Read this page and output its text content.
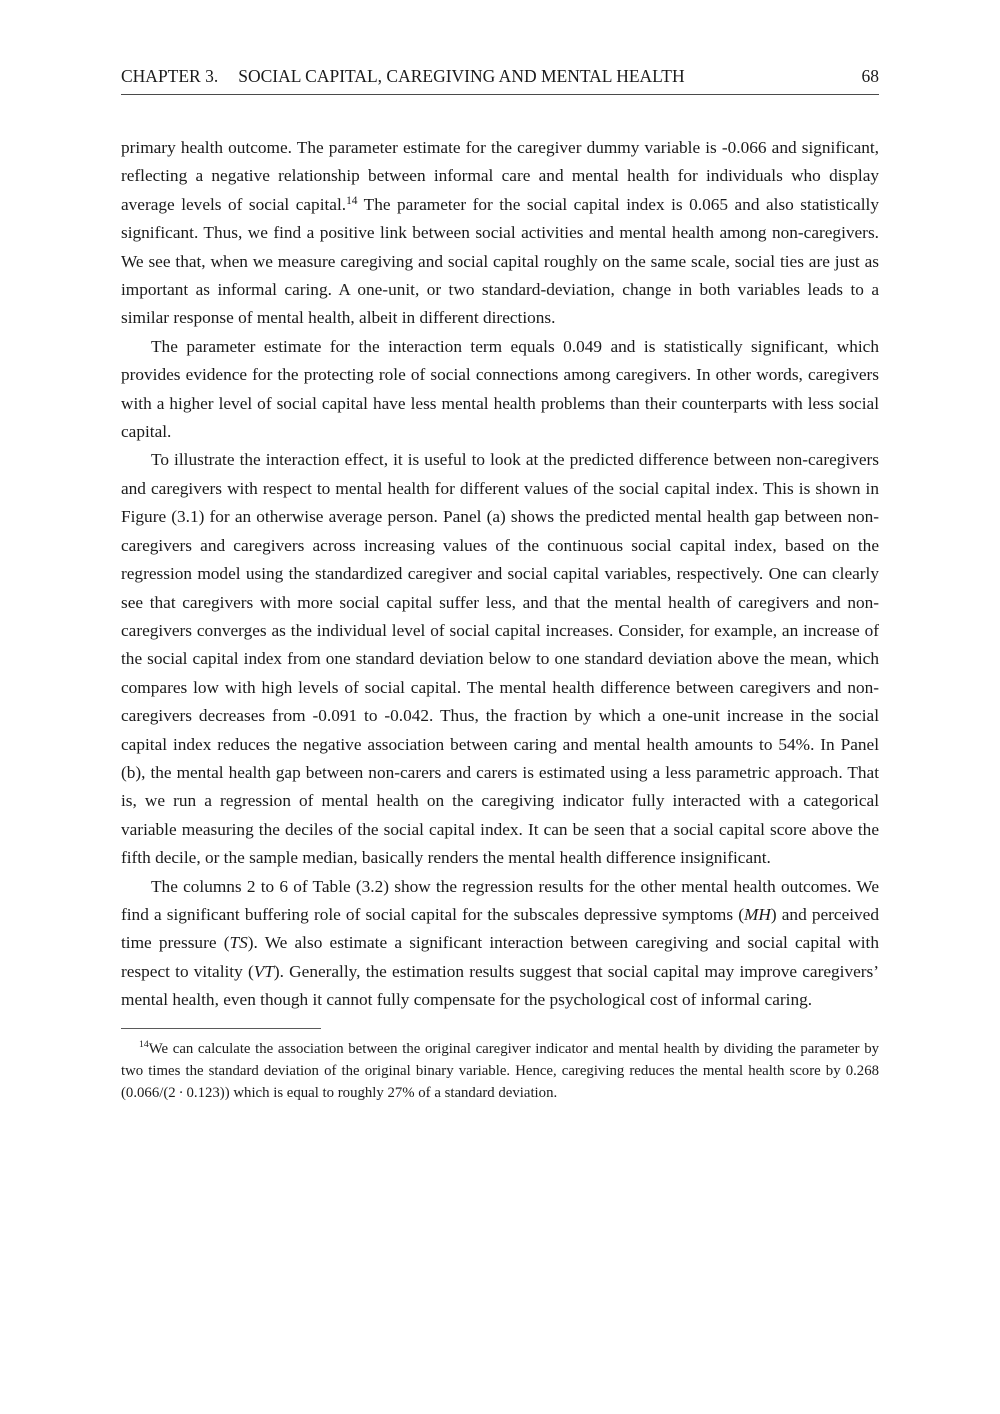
CHAPTER 3. SOCIAL CAPITAL, CAREGIVING AND MENTAL HEALTH	68

primary health outcome. The parameter estimate for the caregiver dummy variable is -0.066 and significant, reflecting a negative relationship between informal care and mental health for individuals who display average levels of social capital.$^{14}$ The parameter for the social capital index is 0.065 and also statistically significant. Thus, we find a positive link between social activities and mental health among non-caregivers. We see that, when we measure caregiving and social capital roughly on the same scale, social ties are just as important as informal caring. A one-unit, or two standard-deviation, change in both variables leads to a similar response of mental health, albeit in different directions.

The parameter estimate for the interaction term equals 0.049 and is statistically significant, which provides evidence for the protecting role of social connections among caregivers. In other words, caregivers with a higher level of social capital have less mental health problems than their counterparts with less social capital.

To illustrate the interaction effect, it is useful to look at the predicted difference between non-caregivers and caregivers with respect to mental health for different values of the social capital index. This is shown in Figure (3.1) for an otherwise average person. Panel (a) shows the predicted mental health gap between non-caregivers and caregivers across increasing values of the continuous social capital index, based on the regression model using the standardized caregiver and social capital variables, respectively. One can clearly see that caregivers with more social capital suffer less, and that the mental health of caregivers and non-caregivers converges as the individual level of social capital increases. Consider, for example, an increase of the social capital index from one standard deviation below to one standard deviation above the mean, which compares low with high levels of social capital. The mental health difference between caregivers and non-caregivers decreases from -0.091 to -0.042. Thus, the fraction by which a one-unit increase in the social capital index reduces the negative association between caring and mental health amounts to 54%. In Panel (b), the mental health gap between non-carers and carers is estimated using a less parametric approach. That is, we run a regression of mental health on the caregiving indicator fully interacted with a categorical variable measuring the deciles of the social capital index. It can be seen that a social capital score above the fifth decile, or the sample median, basically renders the mental health difference insignificant.

The columns 2 to 6 of Table (3.2) show the regression results for the other mental health outcomes. We find a significant buffering role of social capital for the subscales depressive symptoms (MH) and perceived time pressure (TS). We also estimate a significant interaction between caregiving and social capital with respect to vitality (VT). Generally, the estimation results suggest that social capital may improve caregivers’ mental health, even though it cannot fully compensate for the psychological cost of informal caring.

$^{14}$We can calculate the association between the original caregiver indicator and mental health by dividing the parameter by two times the standard deviation of the original binary variable. Hence, caregiving reduces the mental health score by 0.268 (0.066/(2 · 0.123)) which is equal to roughly 27% of a standard deviation.
